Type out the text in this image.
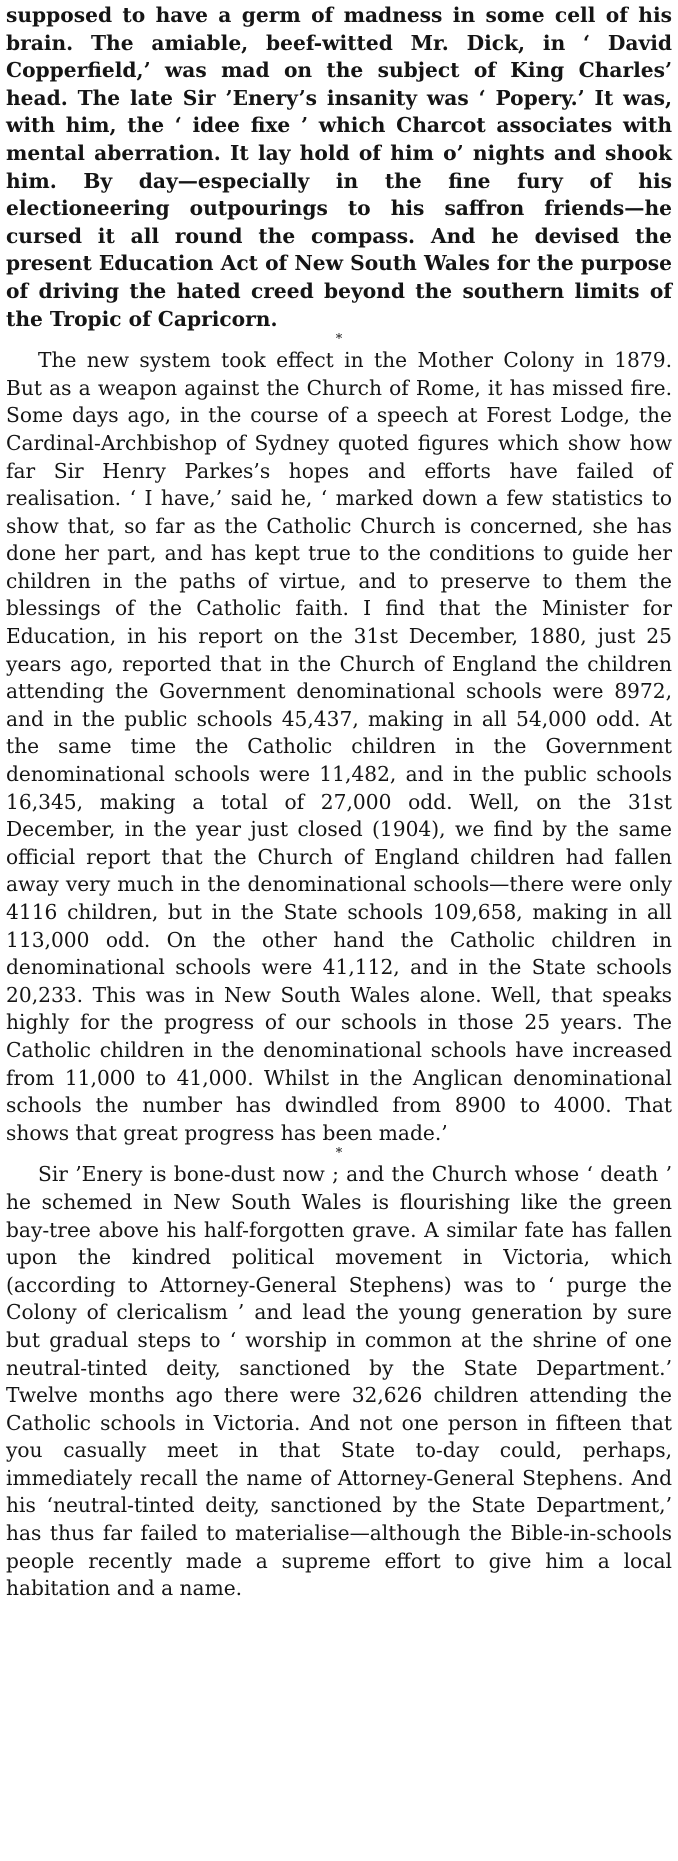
supposed to have a germ of madness in some cell of his brain. The amiable, beef-witted Mr. Dick, in ‘ David Copperfield,’ was mad on the subject of King Charles’ head. The late Sir ’Enery’s insanity was ‘ Popery.’ It was, with him, the ‘ idee fixe ’ which Charcot associates with mental aberration. It lay hold of him o’ nights and shook him. By day—especially in the fine fury of his electioneering outpourings to his saffron friends—he cursed it all round the compass. And he devised the present Education Act of New South Wales for the purpose of driving the hated creed beyond the southern limits of the Tropic of Capricorn.

*

The new system took effect in the Mother Colony in 1879. But as a weapon against the Church of Rome, it has missed fire. Some days ago, in the course of a speech at Forest Lodge, the Cardinal-Archbishop of Sydney quoted figures which show how far Sir Henry Parkes’s hopes and efforts have failed of realisation. ‘ I have,’ said he, ‘ marked down a few statistics to show that, so far as the Catholic Church is concerned, she has done her part, and has kept true to the conditions to guide her children in the paths of virtue, and to preserve to them the blessings of the Catholic faith. I find that the Minister for Education, in his report on the 31st December, 1880, just 25 years ago, reported that in the Church of England the children attending the Government denominational schools were 8972, and in the public schools 45,437, making in all 54,000 odd. At the same time the Catholic children in the Government denominational schools were 11,482, and in the public schools 16,345, making a total of 27,000 odd. Well, on the 31st December, in the year just closed (1904), we find by the same official report that the Church of England children had fallen away very much in the denominational schools—there were only 4116 children, but in the State schools 109,658, making in all 113,000 odd. On the other hand the Catholic children in denominational schools were 41,112, and in the State schools 20,233. This was in New South Wales alone. Well, that speaks highly for the progress of our schools in those 25 years. The Catholic children in the denominational schools have increased from 11,000 to 41,000. Whilst in the Anglican denominational schools the number has dwindled from 8900 to 4000. That shows that great progress has been made.’

*

Sir ’Enery is bone-dust now ; and the Church whose ‘ death ’ he schemed in New South Wales is flourishing like the green bay-tree above his half-forgotten grave. A similar fate has fallen upon the kindred political movement in Victoria, which (according to Attorney-General Stephens) was to ‘ purge the Colony of clericalism ’ and lead the young generation by sure but gradual steps to ‘ worship in common at the shrine of one neutral-tinted deity, sanctioned by the State Department.’ Twelve months ago there were 32,626 children attending the Catholic schools in Victoria. And not one person in fifteen that you casually meet in that State to-day could, perhaps, immediately recall the name of Attorney-General Stephens. And his ‘neutral-tinted deity, sanctioned by the State Department,’ has thus far failed to materialise—although the Bible-in-schools people recently made a supreme effort to give him a local habitation and a name.
